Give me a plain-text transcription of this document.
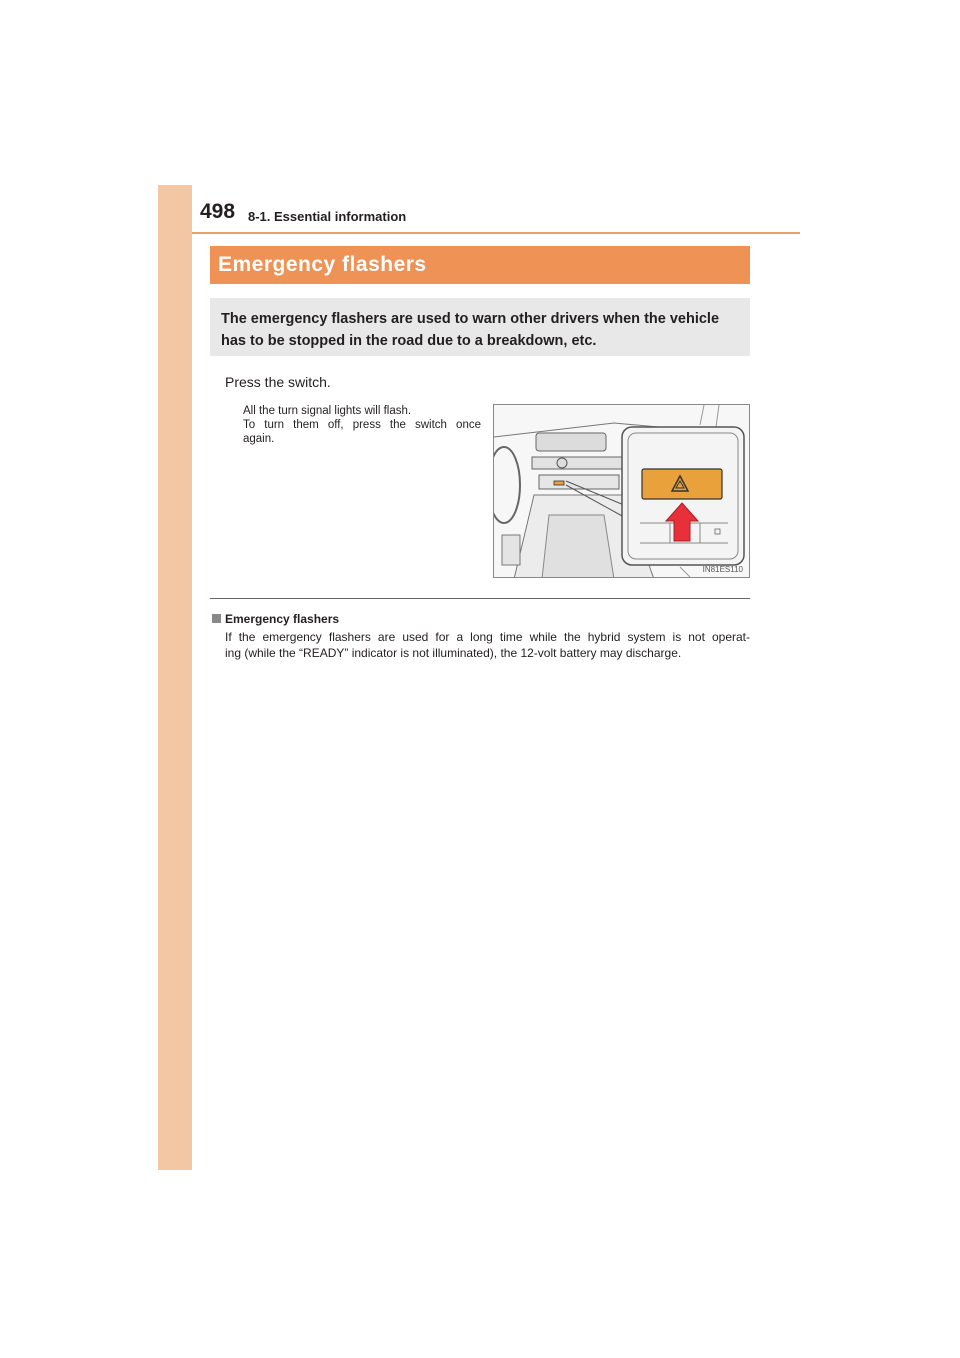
498 8-1. Essential information
Emergency flashers
The emergency flashers are used to warn other drivers when the vehicle has to be stopped in the road due to a breakdown, etc.
Press the switch.

All the turn signal lights will flash.

To turn them off, press the switch once

again.

IN81ES110
Emergency flashers

If the emergency flashers are used for a long time while the hybrid system is not operat-

ing (while the “READY” indicator is not illuminated), the 12-volt battery may discharge.
